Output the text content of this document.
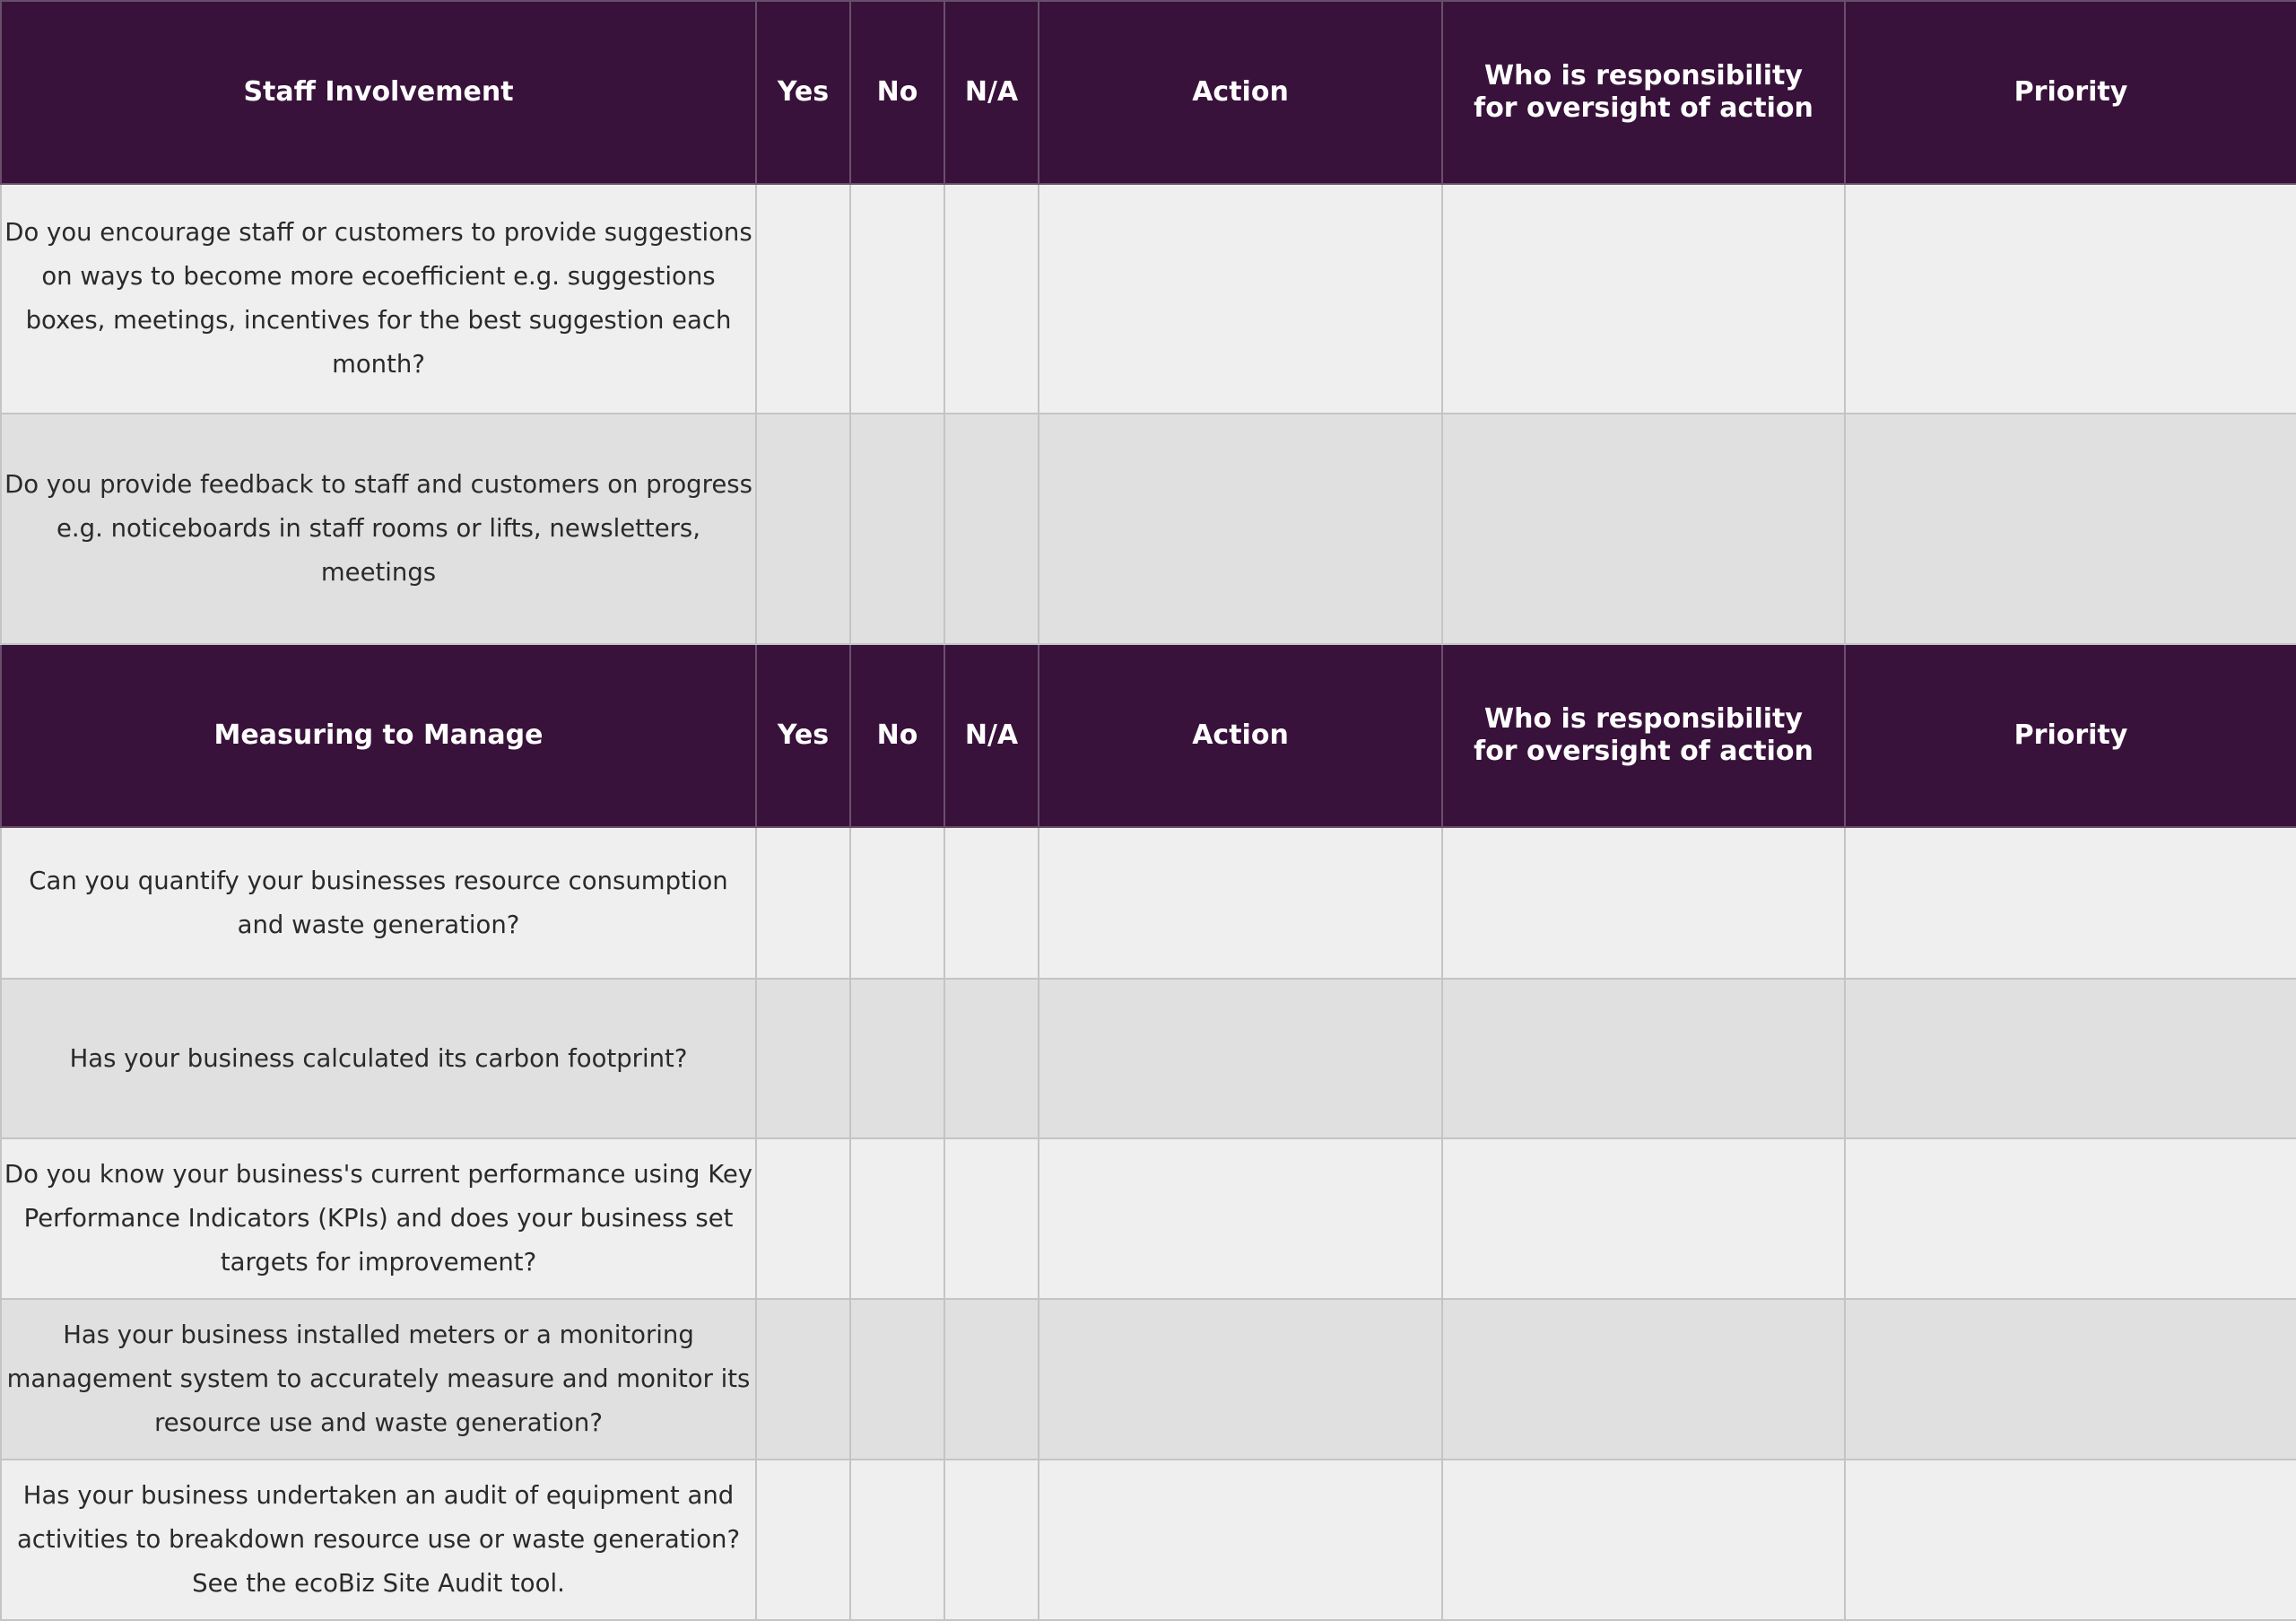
Staff Involvement	Yes	No	N/A	Action	Who is responsibility for oversight of action	Priority
Do you encourage staff or customers to provide suggestions on ways to become more ecoefficient e.g. suggestions boxes, meetings, incentives for the best suggestion each month?						
Do you provide feedback to staff and customers on progress e.g. noticeboards in staff rooms or lifts, newsletters, meetings						
Measuring to Manage	Yes	No	N/A	Action	Who is responsibility for oversight of action	Priority
Can you quantify your businesses resource consumption and waste generation?						
Has your business calculated its carbon footprint?						
Do you know your business's current performance using Key Performance Indicators (KPIs) and does your business set targets for improvement?						
Has your business installed meters or a monitoring management system to accurately measure and monitor its resource use and waste generation?						
Has your business undertaken an audit of equipment and activities to breakdown resource use or waste generation? See the ecoBiz Site Audit tool.						
